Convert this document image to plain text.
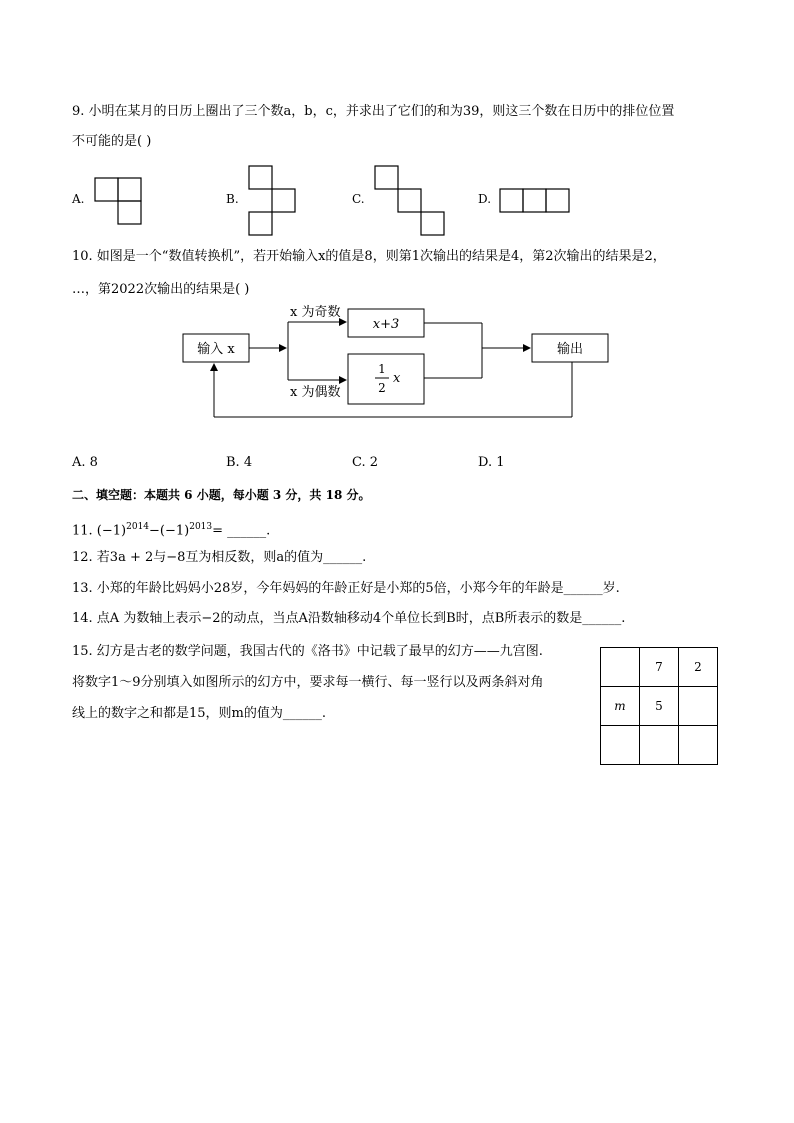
9. 小明在某月的日历上圈出了三个数a，b，c，并求出了它们的和为39，则这三个数在日历中的排位位置
不可能的是( )
A.	B.	C.	D.
10. 如图是一个“数值转换机”，若开始输入x的值是8，则第1次输出的结果是4，第2次输出的结果是2，
…，第2022次输出的结果是( )
输入 x
x 为奇数
x 为偶数
x+3
1
2
x
输出
A. 8	B. 4	C. 2	D. 1
二、填空题：本题共 6 小题，每小题 3 分，共 18 分。
11. $(-1)^{2014}-(-1)^{2013}=$ ______.
12. 若3a + 2与−8互为相反数，则a的值为______.
13. 小郑的年龄比妈妈小28岁，今年妈妈的年龄正好是小郑的5倍，小郑今年的年龄是______岁.
14. 点A 为数轴上表示−2的动点，当点A沿数轴移动4个单位长到B时，点B所表示的数是______.
15. 幻方是古老的数学问题，我国古代的《洛书》中记载了最早的幻方——九宫图.
将数字1～9分别填入如图所示的幻方中，要求每一横行、每一竖行以及两条斜对角
线上的数字之和都是15，则m的值为______.
	7	2
m	5	
